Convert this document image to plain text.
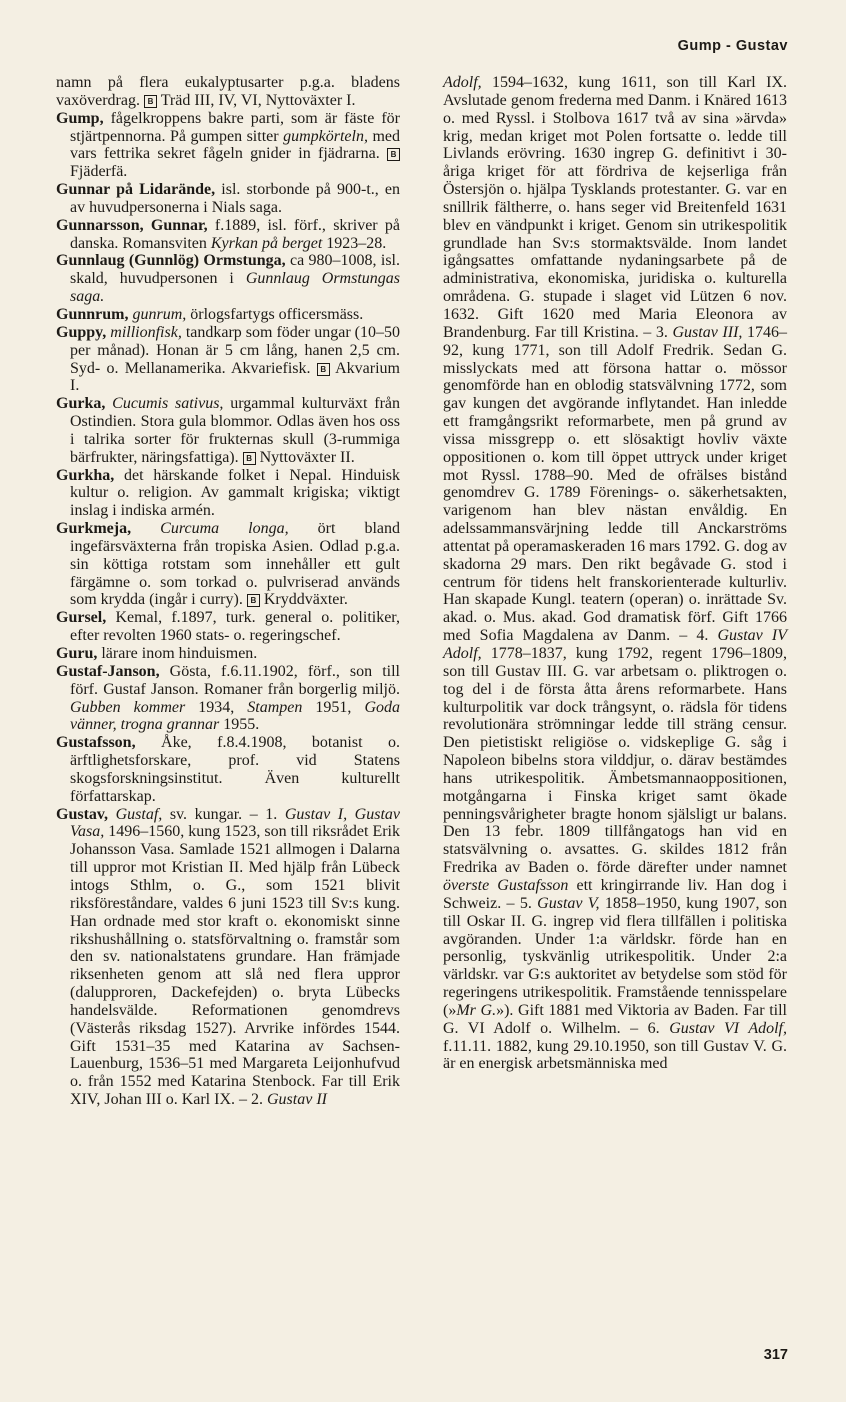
Gump - Gustav

namn på flera eukalyptusarter p.g.a. bladens vaxöverdrag. B Träd III, IV, VI, Nyttoväxter I.

Gump, fågelkroppens bakre parti, som är fäste för stjärtpennorna. På gumpen sitter gumpkörteln, med vars fettrika sekret fågeln gnider in fjädrarna. B Fjäderfä.

Gunnar på Lidarände, isl. storbonde på 900-t., en av huvudpersonerna i Nials saga.

Gunnarsson, Gunnar, f.1889, isl. förf., skriver på danska. Romansviten Kyrkan på berget 1923–28.

Gunnlaug (Gunnlög) Ormstunga, ca 980–1008, isl. skald, huvudpersonen i Gunnlaug Ormstungas saga.

Gunnrum, gunrum, örlogsfartygs officersmäss.

Guppy, millionfisk, tandkarp som föder ungar (10–50 per månad). Honan är 5 cm lång, hanen 2,5 cm. Syd- o. Mellanamerika. Akvariefisk. B Akvarium I.

Gurka, Cucumis sativus, urgammal kulturväxt från Ostindien. Stora gula blommor. Odlas även hos oss i talrika sorter för frukternas skull (3-rummiga bärfrukter, näringsfattiga). B Nyttoväxter II.

Gurkha, det härskande folket i Nepal. Hinduisk kultur o. religion. Av gammalt krigiska; viktigt inslag i indiska armén.

Gurkmeja, Curcuma longa, ört bland ingefärsväxterna från tropiska Asien. Odlad p.g.a. sin köttiga rotstam som innehåller ett gult färgämne o. som torkad o. pulvriserad används som krydda (ingår i curry). B Kryddväxter.

Gursel, Kemal, f.1897, turk. general o. politiker, efter revolten 1960 stats- o. regeringschef.

Guru, lärare inom hinduismen.

Gustaf-Janson, Gösta, f.6.11.1902, förf., son till förf. Gustaf Janson. Romaner från borgerlig miljö. Gubben kommer 1934, Stampen 1951, Goda vänner, trogna grannar 1955.

Gustafsson, Åke, f.8.4.1908, botanist o. ärftlighetsforskare, prof. vid Statens skogsforskningsinstitut. Även kulturellt författarskap.

Gustav, Gustaf, sv. kungar. – 1. Gustav I, Gustav Vasa, 1496–1560, kung 1523, son till riksrådet Erik Johansson Vasa. Samlade 1521 allmogen i Dalarna till uppror mot Kristian II. Med hjälp från Lübeck intogs Sthlm, o. G., som 1521 blivit riksföreståndare, valdes 6 juni 1523 till Sv:s kung. Han ordnade med stor kraft o. ekonomiskt sinne rikshushållning o. statsförvaltning o. framstår som den sv. nationalstatens grundare. Han främjade riksenheten genom att slå ned flera uppror (dalupproren, Dackefejden) o. bryta Lübecks handelsvälde. Reformationen genomdrevs (Västerås riksdag 1527). Arvrike infördes 1544. Gift 1531–35 med Katarina av Sachsen-Lauenburg, 1536–51 med Margareta Leijonhufvud o. från 1552 med Katarina Stenbock. Far till Erik XIV, Johan III o. Karl IX. – 2. Gustav II

Adolf, 1594–1632, kung 1611, son till Karl IX. Avslutade genom frederna med Danm. i Knäred 1613 o. med Ryssl. i Stolbova 1617 två av sina »ärvda» krig, medan kriget mot Polen fortsatte o. ledde till Livlands erövring. 1630 ingrep G. definitivt i 30-åriga kriget för att fördriva de kejserliga från Östersjön o. hjälpa Tysklands protestanter. G. var en snillrik fältherre, o. hans seger vid Breitenfeld 1631 blev en vändpunkt i kriget. Genom sin utrikespolitik grundlade han Sv:s stormaktsvälde. Inom landet igångsattes omfattande nydaningsarbete på de administrativa, ekonomiska, juridiska o. kulturella områdena. G. stupade i slaget vid Lützen 6 nov. 1632. Gift 1620 med Maria Eleonora av Brandenburg. Far till Kristina. – 3. Gustav III, 1746–92, kung 1771, son till Adolf Fredrik. Sedan G. misslyckats med att försona hattar o. mössor genomförde han en oblodig statsvälvning 1772, som gav kungen det avgörande inflytandet. Han inledde ett framgångsrikt reformarbete, men på grund av vissa missgrepp o. ett slösaktigt hovliv växte oppositionen o. kom till öppet uttryck under kriget mot Ryssl. 1788–90. Med de ofrälses bistånd genomdrev G. 1789 Förenings- o. säkerhetsakten, varigenom han blev nästan envåldig. En adelssammansvärjning ledde till Anckarströms attentat på operamaskeraden 16 mars 1792. G. dog av skadorna 29 mars. Den rikt begåvade G. stod i centrum för tidens helt franskorienterade kulturliv. Han skapade Kungl. teatern (operan) o. inrättade Sv. akad. o. Mus. akad. God dramatisk förf. Gift 1766 med Sofia Magdalena av Danm. – 4. Gustav IV Adolf, 1778–1837, kung 1792, regent 1796–1809, son till Gustav III. G. var arbetsam o. pliktrogen o. tog del i de första åtta årens reformarbete. Hans kulturpolitik var dock trångsynt, o. rädsla för tidens revolutionära strömningar ledde till sträng censur. Den pietistiskt religiöse o. vidskeplige G. såg i Napoleon bibelns stora vilddjur, o. därav bestämdes hans utrikespolitik. Ämbetsmannaoppositionen, motgångarna i Finska kriget samt ökade penningsvårigheter bragte honom själsligt ur balans. Den 13 febr. 1809 tillfångatogs han vid en statsvälvning o. avsattes. G. skildes 1812 från Fredrika av Baden o. förde därefter under namnet överste Gustafsson ett kringirrande liv. Han dog i Schweiz. – 5. Gustav V, 1858–1950, kung 1907, son till Oskar II. G. ingrep vid flera tillfällen i politiska avgöranden. Under 1:a världskr. förde han en personlig, tyskvänlig utrikespolitik. Under 2:a världskr. var G:s auktoritet av betydelse som stöd för regeringens utrikespolitik. Framstående tennisspelare (»Mr G.»). Gift 1881 med Viktoria av Baden. Far till G. VI Adolf o. Wilhelm. – 6. Gustav VI Adolf, f.11.11. 1882, kung 29.10.1950, son till Gustav V. G. är en energisk arbetsmänniska med

317
